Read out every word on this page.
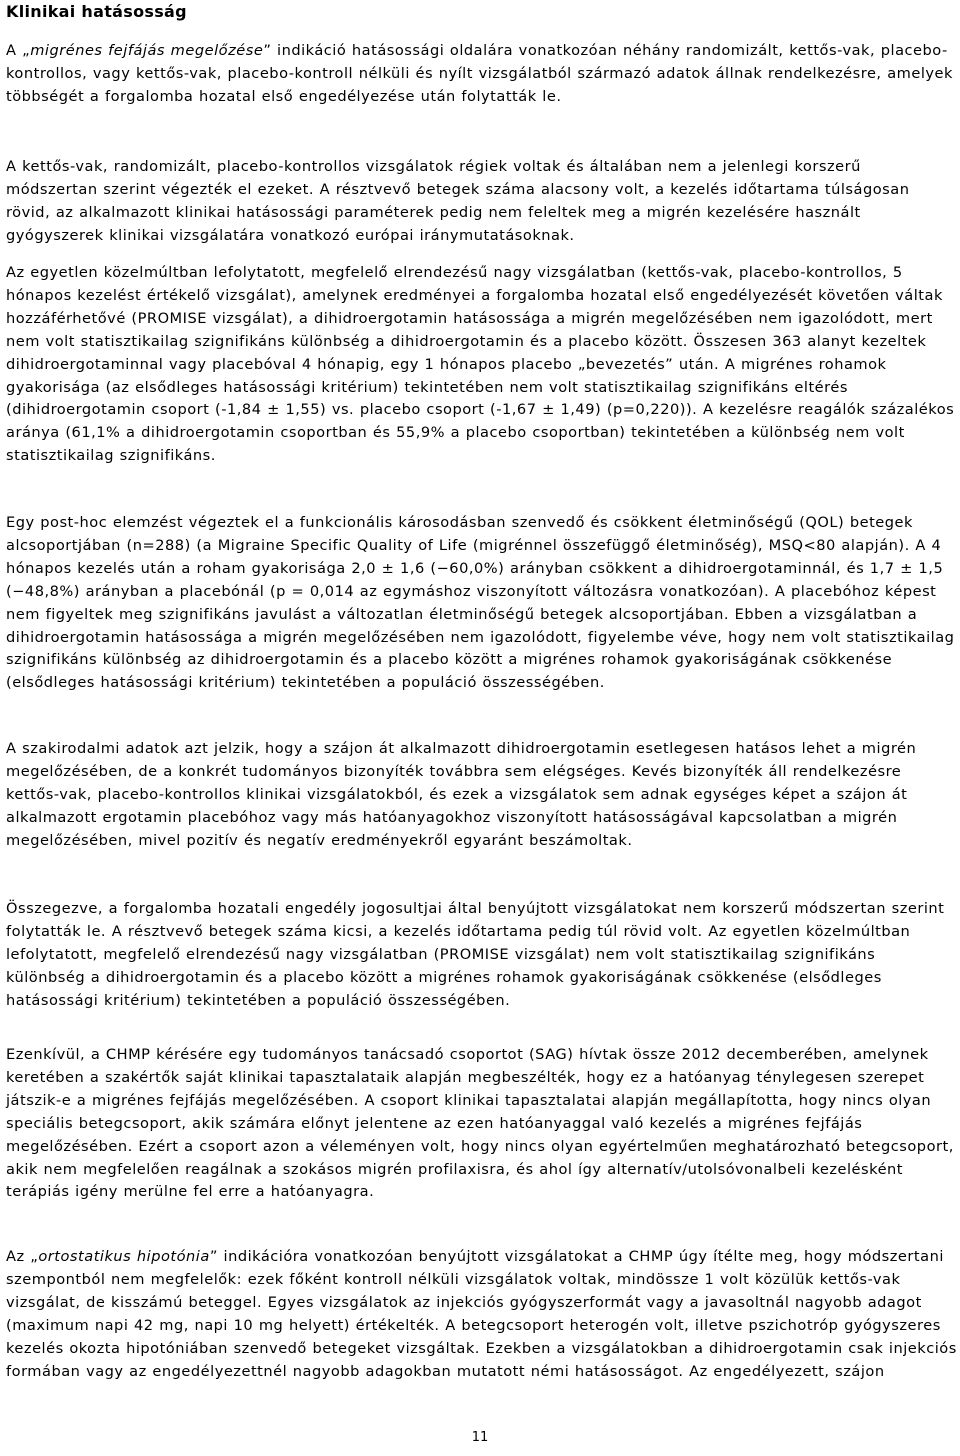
Klinikai hatásosság

A „migrénes fejfájás megelőzése” indikáció hatásossági oldalára vonatkozóan néhány randomizált, kettős-vak, placebo-kontrollos, vagy kettős-vak, placebo-kontroll nélküli és nyílt vizsgálatból származó adatok állnak rendelkezésre, amelyek többségét a forgalomba hozatal első engedélyezése után folytatták le.

A kettős-vak, randomizált, placebo-kontrollos vizsgálatok régiek voltak és általában nem a jelenlegi korszerű módszertan szerint végezték el ezeket. A résztvevő betegek száma alacsony volt, a kezelés időtartama túlságosan rövid, az alkalmazott klinikai hatásossági paraméterek pedig nem feleltek meg a migrén kezelésére használt gyógyszerek klinikai vizsgálatára vonatkozó európai iránymutatásoknak.

Az egyetlen közelmúltban lefolytatott, megfelelő elrendezésű nagy vizsgálatban (kettős-vak, placebo-kontrollos, 5 hónapos kezelést értékelő vizsgálat), amelynek eredményei a forgalomba hozatal első engedélyezését követően váltak hozzáférhetővé (PROMISE vizsgálat), a dihidroergotamin hatásossága a migrén megelőzésében nem igazolódott, mert nem volt statisztikailag szignifikáns különbség a dihidroergotamin és a placebo között. Összesen 363 alanyt kezeltek dihidroergotaminnal vagy placebóval 4 hónapig, egy 1 hónapos placebo „bevezetés” után. A migrénes rohamok gyakorisága (az elsődleges hatásossági kritérium) tekintetében nem volt statisztikailag szignifikáns eltérés (dihidroergotamin csoport (-1,84 ± 1,55) vs. placebo csoport (-1,67 ± 1,49) (p=0,220)). A kezelésre reagálók százalékos aránya (61,1% a dihidroergotamin csoportban és 55,9% a placebo csoportban) tekintetében a különbség nem volt statisztikailag szignifikáns.

Egy post-hoc elemzést végeztek el a funkcionális károsodásban szenvedő és csökkent életminőségű (QOL) betegek alcsoportjában (n=288) (a Migraine Specific Quality of Life (migrénnel összefüggő életminőség), MSQ<80 alapján). A 4 hónapos kezelés után a roham gyakorisága 2,0 ± 1,6 (−60,0%) arányban csökkent a dihidroergotaminnál, és 1,7 ± 1,5 (−48,8%) arányban a placebónál (p = 0,014 az egymáshoz viszonyított változásra vonatkozóan). A placebóhoz képest nem figyeltek meg szignifikáns javulást a változatlan életminőségű betegek alcsoportjában. Ebben a vizsgálatban a dihidroergotamin hatásossága a migrén megelőzésében nem igazolódott, figyelembe véve, hogy nem volt statisztikailag szignifikáns különbség az dihidroergotamin és a placebo között a migrénes rohamok gyakoriságának csökkenése (elsődleges hatásossági kritérium) tekintetében a populáció összességében.

A szakirodalmi adatok azt jelzik, hogy a szájon át alkalmazott dihidroergotamin esetlegesen hatásos lehet a migrén megelőzésében, de a konkrét tudományos bizonyíték továbbra sem elégséges. Kevés bizonyíték áll rendelkezésre kettős-vak, placebo-kontrollos klinikai vizsgálatokból, és ezek a vizsgálatok sem adnak egységes képet a szájon át alkalmazott ergotamin placebóhoz vagy más hatóanyagokhoz viszonyított hatásosságával kapcsolatban a migrén megelőzésében, mivel pozitív és negatív eredményekről egyaránt beszámoltak.

Összegezve, a forgalomba hozatali engedély jogosultjai által benyújtott vizsgálatokat nem korszerű módszertan szerint folytatták le. A résztvevő betegek száma kicsi, a kezelés időtartama pedig túl rövid volt. Az egyetlen közelmúltban lefolytatott, megfelelő elrendezésű nagy vizsgálatban (PROMISE vizsgálat) nem volt statisztikailag szignifikáns különbség a dihidroergotamin és a placebo között a migrénes rohamok gyakoriságának csökkenése (elsődleges hatásossági kritérium) tekintetében a populáció összességében.

Ezenkívül, a CHMP kérésére egy tudományos tanácsadó csoportot (SAG) hívtak össze 2012 decemberében, amelynek keretében a szakértők saját klinikai tapasztalataik alapján megbeszélték, hogy ez a hatóanyag ténylegesen szerepet játszik-e a migrénes fejfájás megelőzésében. A csoport klinikai tapasztalatai alapján megállapította, hogy nincs olyan speciális betegcsoport, akik számára előnyt jelentene az ezen hatóanyaggal való kezelés a migrénes fejfájás megelőzésében. Ezért a csoport azon a véleményen volt, hogy nincs olyan egyértelműen meghatározható betegcsoport, akik nem megfelelően reagálnak a szokásos migrén profilaxisra, és ahol így alternatív/utolsóvonalbeli kezelésként terápiás igény merülne fel erre a hatóanyagra.

Az „ortostatikus hipotónia” indikációra vonatkozóan benyújtott vizsgálatokat a CHMP úgy ítélte meg, hogy módszertani szempontból nem megfelelők: ezek főként kontroll nélküli vizsgálatok voltak, mindössze 1 volt közülük kettős-vak vizsgálat, de kisszámú beteggel. Egyes vizsgálatok az injekciós gyógyszerformát vagy a javasoltnál nagyobb adagot (maximum napi 42 mg, napi 10 mg helyett) értékelték. A betegcsoport heterogén volt, illetve pszichotróp gyógyszeres kezelés okozta hipotóniában szenvedő betegeket vizsgáltak. Ezekben a vizsgálatokban a dihidroergotamin csak injekciós formában vagy az engedélyezettnél nagyobb adagokban mutatott némi hatásosságot. Az engedélyezett, szájon

11
